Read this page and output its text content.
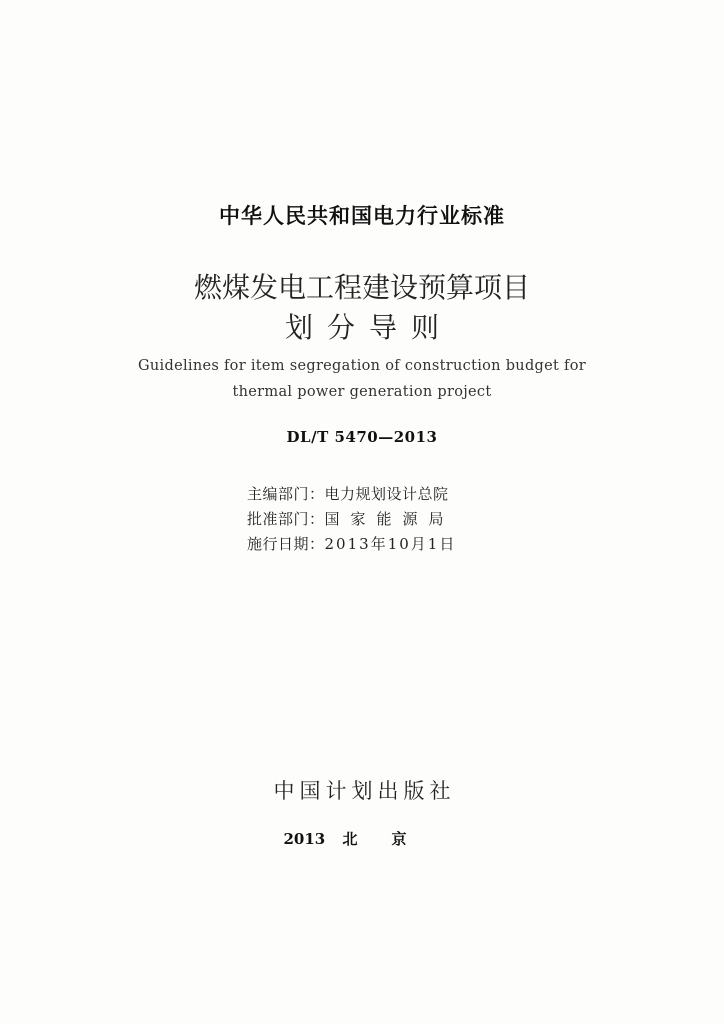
中华人民共和国电力行业标准
燃煤发电工程建设预算项目
划分导则
Guidelines for item segregation of construction budget for
thermal power generation project
DL/T 5470—2013
主编部门： 电力规划设计总院
批准部门： 国家能源局
施行日期： 2013年10月1日
中国计划出版社
2013 北京
